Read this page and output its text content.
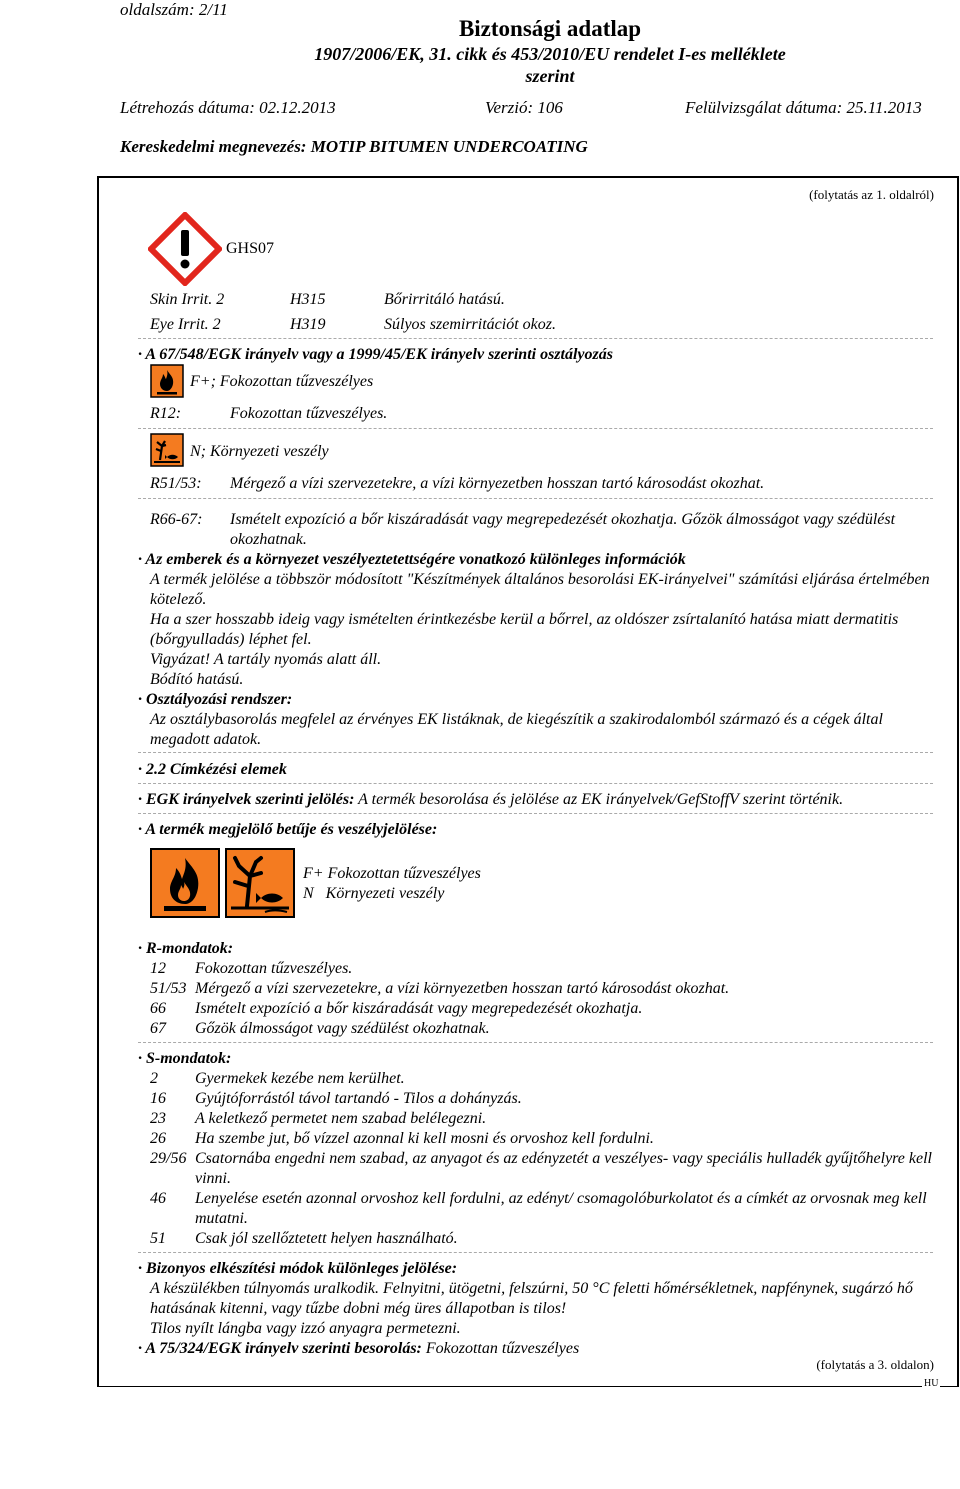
oldalszám: 2/11
Biztonsági adatlap
1907/2006/EK, 31. cikk és 453/2010/EU rendelet I-es melléklete
szerint
Létrehozás dátuma: 02.12.2013	Verzió: 106	Felülvizsgálat dátuma: 25.11.2013
Kereskedelmi megnevezés: MOTIP BITUMEN UNDERCOATING
(folytatás az 1. oldalról)
GHS07
Skin Irrit. 2	H315	Bőrirritáló hatású.
Eye Irrit. 2	H319	Súlyos szemirritációt okoz.
· A 67/548/EGK irányelv vagy a 1999/45/EK irányelv szerinti osztályozás
F+; Fokozottan tűzveszélyes
R12:	Fokozottan tűzveszélyes.
N; Környezeti veszély
R51/53: Mérgező a vízi szervezetekre, a vízi környezetben hosszan tartó károsodást okozhat.
R66-67: Ismételt expozíció a bőr kiszáradását vagy megrepedezését okozhatja. Gőzök álmosságot vagy szédülést okozhatnak.
· Az emberek és a környezet veszélyeztetettségére vonatkozó különleges információk
A termék jelölése a többször módosított "Készítmények általános besorolási EK-irányelvei" számítási eljárása értelmében kötelező.
Ha a szer hosszabb ideig vagy ismételten érintkezésbe kerül a bőrrel, az oldószer zsírtalanító hatása miatt dermatitis (bőrgyulladás) léphet fel.
Vigyázat! A tartály nyomás alatt áll.
Bódító hatású.
· Osztályozási rendszer:
Az osztálybasorolás megfelel az érvényes EK listáknak, de kiegészítik a szakirodalomból származó és a cégek által megadott adatok.
· 2.2 Címkézési elemek
· EGK irányelvek szerinti jelölés: A termék besorolása és jelölése az EK irányelvek/GefStoffV szerint történik.
· A termék megjelölő betűje és veszélyjelölése:
F+ Fokozottan tűzveszélyes
N   Környezeti veszély
· R-mondatok:
12 Fokozottan tűzveszélyes.
51/53 Mérgező a vízi szervezetekre, a vízi környezetben hosszan tartó károsodást okozhat.
66 Ismételt expozíció a bőr kiszáradását vagy megrepedezését okozhatja.
67 Gőzök álmosságot vagy szédülést okozhatnak.
· S-mondatok:
2 Gyermekek kezébe nem kerülhet.
16 Gyújtóforrástól távol tartandó - Tilos a dohányzás.
23 A keletkező permetet nem szabad belélegezni.
26 Ha szembe jut, bő vízzel azonnal ki kell mosni és orvoshoz kell fordulni.
29/56 Csatornába engedni nem szabad, az anyagot és az edényzetét a veszélyes- vagy speciális hulladék gyűjtőhelyre kell vinni.
46 Lenyelése esetén azonnal orvoshoz kell fordulni, az edényt/ csomagolóburkolatot és a címkét az orvosnak meg kell mutatni.
51 Csak jól szellőztetett helyen használható.
· Bizonyos elkészítési módok különleges jelölése:
A készülékben túlnyomás uralkodik. Felnyitni, ütögetni, felszúrni, 50 °C feletti hőmérsékletnek, napfénynek, sugárzó hő hatásának kitenni, vagy tűzbe dobni még üres állapotban is tilos!
Tilos nyílt lángba vagy izzó anyagra permetezni.
· A 75/324/EGK irányelv szerinti besorolás: Fokozottan tűzveszélyes
(folytatás a 3. oldalon)
HU
